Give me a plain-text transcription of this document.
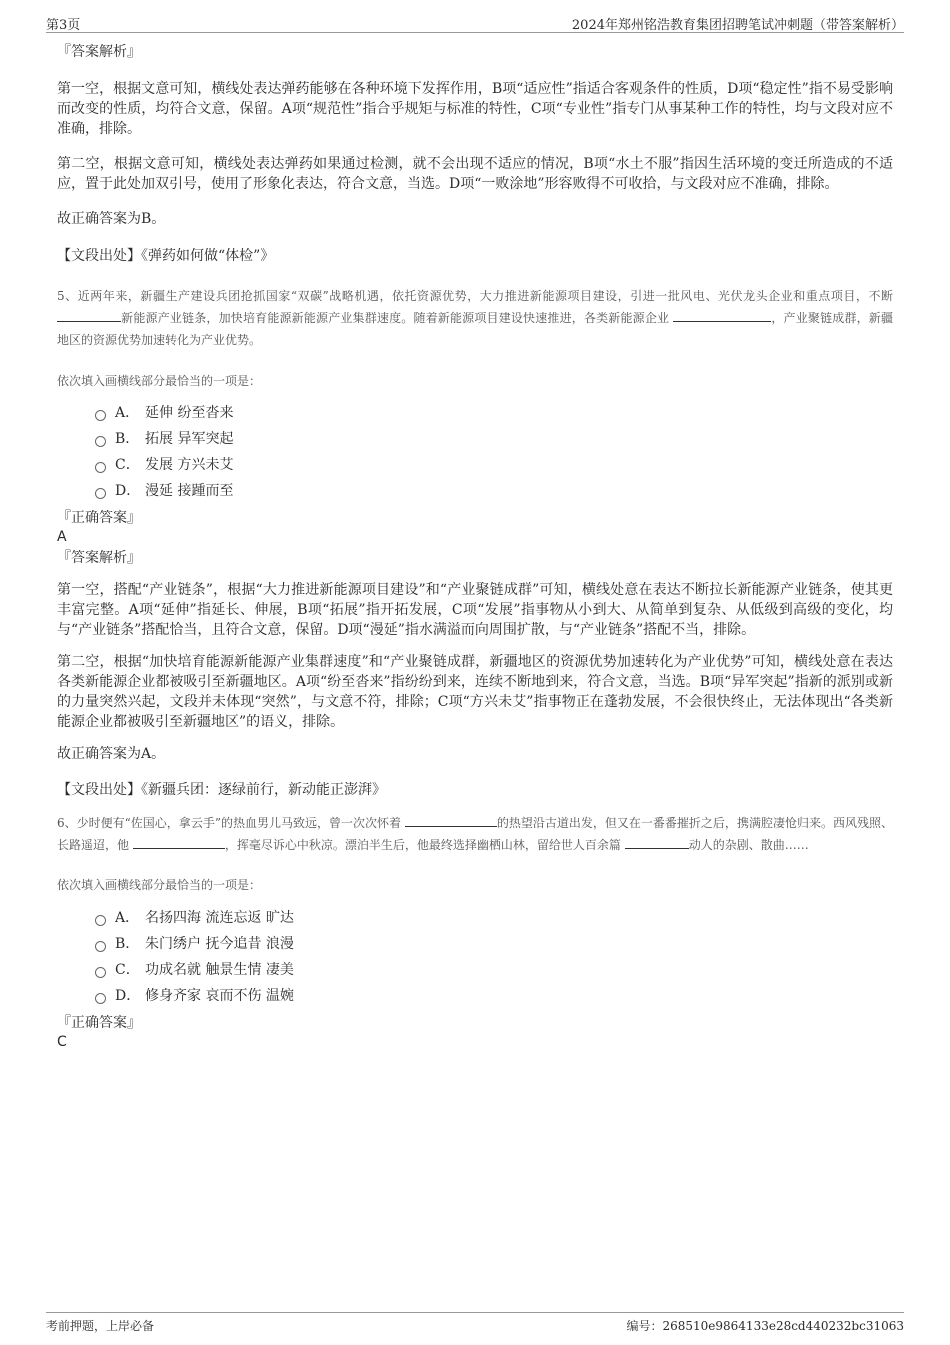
第3页	2024年郑州铭浩教育集团招聘笔试冲刺题（带答案解析）

『答案解析』

第一空，根据文意可知，横线处表达弹药能够在各种环境下发挥作用，B项“适应性”指适合客观条件的性质，D项“稳定性”指不易受影响而改变的性质，均符合文意，保留。A项“规范性”指合乎规矩与标准的特性，C项“专业性”指专门从事某种工作的特性，均与文段对应不准确，排除。

第二空，根据文意可知，横线处表达弹药如果通过检测，就不会出现不适应的情况，B项“水土不服”指因生活环境的变迁所造成的不适应，置于此处加双引号，使用了形象化表达，符合文意，当选。D项“一败涂地”形容败得不可收拾，与文段对应不准确，排除。

故正确答案为B。

【文段出处】《弹药如何做“体检”》

5、近两年来，新疆生产建设兵团抢抓国家“双碳”战略机遇，依托资源优势，大力推进新能源项目建设，引进一批风电、光伏龙头企业和重点项目，不断 新能源产业链条，加快培育能源新能源产业集群速度。随着新能源项目建设快速推进，各类新能源企业	，产业聚链成群，新疆地区的资源优势加速转化为产业优势。

依次填入画横线部分最恰当的一项是：

A． 延伸 纷至沓来
B． 拓展 异军突起
C． 发展 方兴未艾
D． 漫延 接踵而至

『正确答案』

A

『答案解析』

第一空，搭配“产业链条”，根据“大力推进新能源项目建设”和“产业聚链成群”可知，横线处意在表达不断拉长新能源产业链条，使其更丰富完整。A项“延伸”指延长、伸展，B项“拓展”指开拓发展，C项“发展”指事物从小到大、从简单到复杂、从低级到高级的变化，均与“产业链条”搭配恰当，且符合文意，保留。D项“漫延”指水满溢而向周围扩散，与“产业链条”搭配不当，排除。

第二空，根据“加快培育能源新能源产业集群速度”和“产业聚链成群，新疆地区的资源优势加速转化为产业优势”可知，横线处意在表达各类新能源企业都被吸引至新疆地区。A项“纷至沓来”指纷纷到来，连续不断地到来，符合文意，当选。B项“异军突起”指新的派别或新的力量突然兴起，文段并未体现“突然”，与文意不符，排除；C项“方兴未艾”指事物正在蓬勃发展，不会很快终止，无法体现出“各类新能源企业都被吸引至新疆地区”的语义，排除。

故正确答案为A。

【文段出处】《新疆兵团：逐绿前行，新动能正澎湃》

6、少时便有“佐国心，拿云手”的热血男儿马致远，曾一次次怀着	的热望沿古道出发，但又在一番番摧折之后，携满腔凄怆归来。西风残照、长路遥迢，他	，挥毫尽诉心中秋凉。漂泊半生后，他最终选择幽栖山林，留给世人百余篇	动人的杂剧、散曲……

依次填入画横线部分最恰当的一项是：

A． 名扬四海 流连忘返 旷达
B． 朱门绣户 抚今追昔 浪漫
C． 功成名就 触景生情 凄美
D． 修身齐家 哀而不伤 温婉

『正确答案』

C

考前押题，上岸必备	编号：268510e9864133e28cd440232bc31063
